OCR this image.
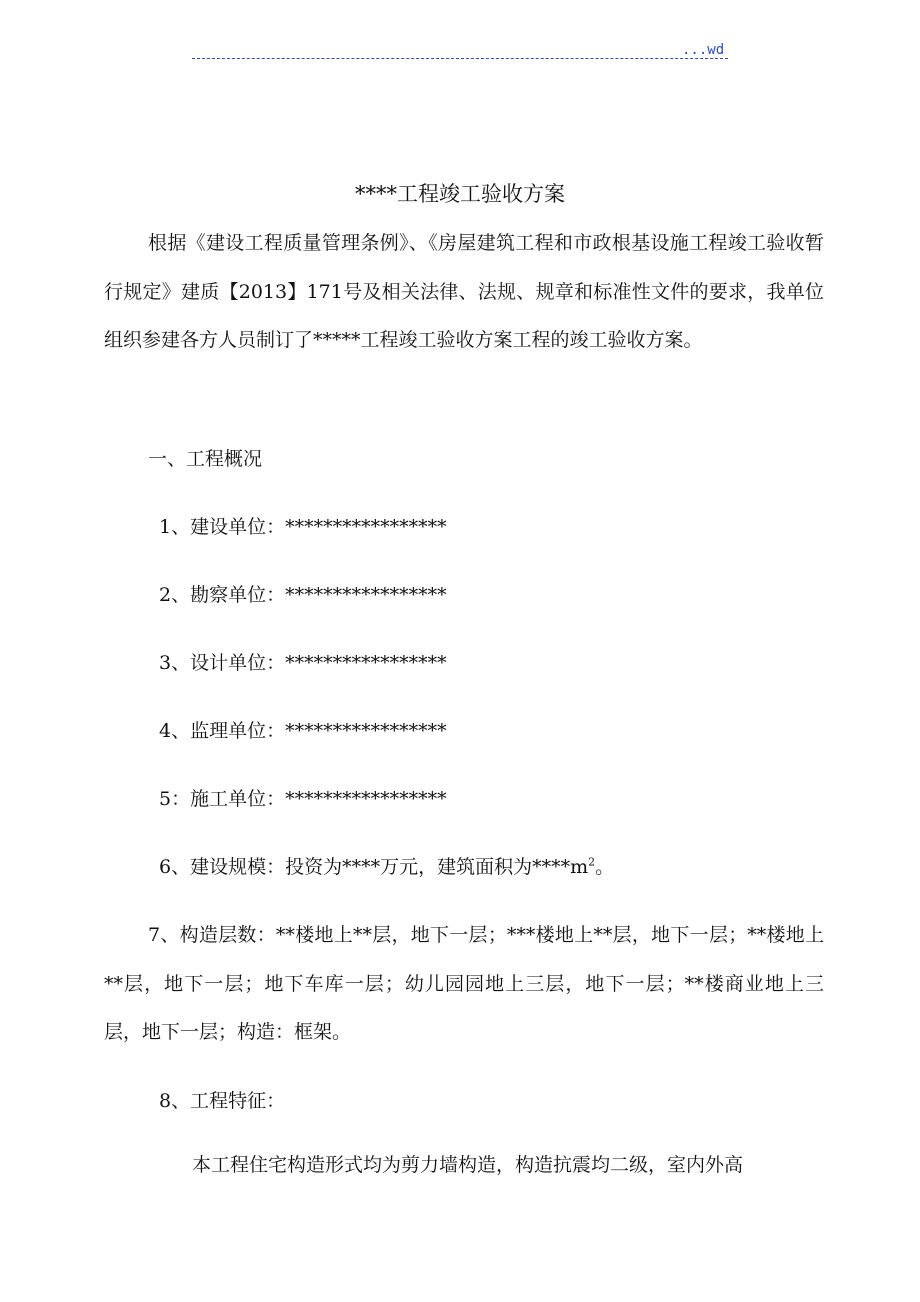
...wd
****工程竣工验收方案

根据《建设工程质量管理条例》、《房屋建筑工程和市政根基设施工程竣工验收暂行规定》建质【2013】171号及相关法律、法规、规章和标准性文件的要求，我单位组织参建各方人员制订了*****工程竣工验收方案工程的竣工验收方案。

一、工程概况
1、建设单位：*****************
2、勘察单位：*****************
3、设计单位：*****************
4、监理单位：*****************
5：施工单位：*****************
6、建设规模：投资为****万元，建筑面积为$****m^2$。

7、构造层数：**楼地上**层，地下一层；***楼地上**层，地下一层；**楼地上**层，地下一层；地下车库一层；幼儿园园地上三层，地下一层；**楼商业地上三层，地下一层；构造：框架。

8、工程特征：
本工程住宅构造形式均为剪力墙构造，构造抗震均二级，室内外高
